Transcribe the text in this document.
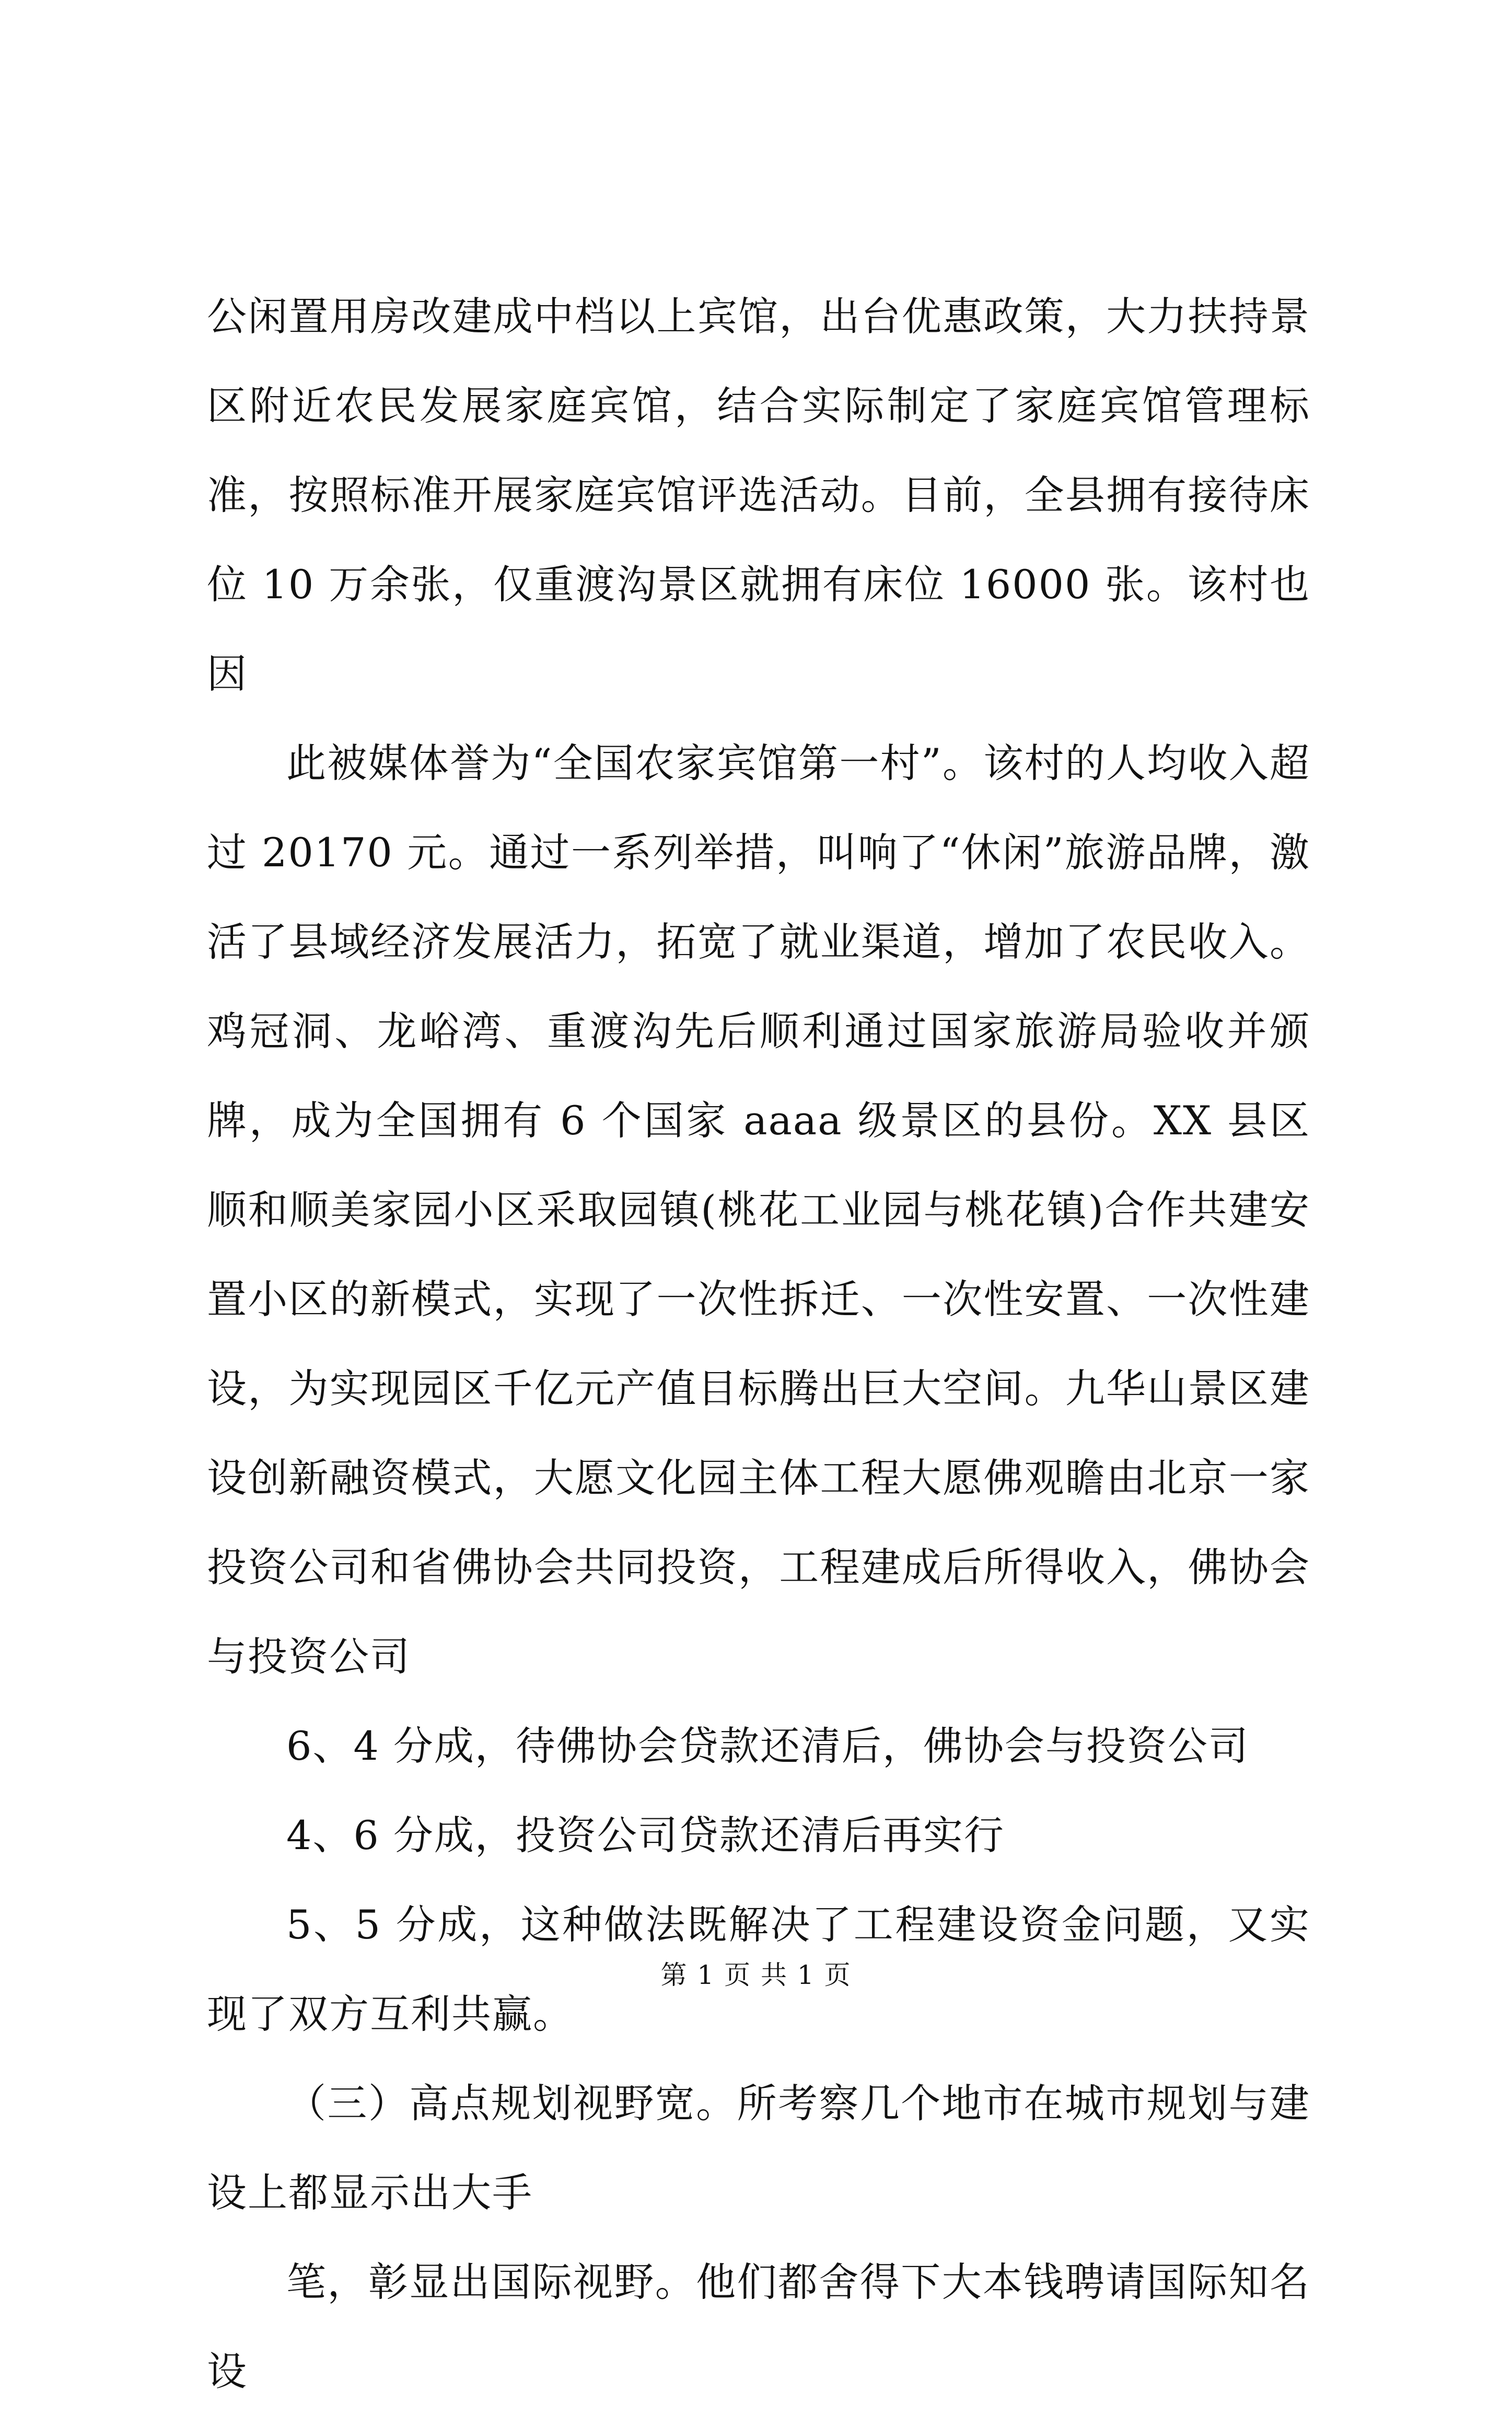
公闲置用房改建成中档以上宾馆，出台优惠政策，大力扶持景区附近农民发展家庭宾馆，结合实际制定了家庭宾馆管理标准，按照标准开展家庭宾馆评选活动。目前，全县拥有接待床位 10 万余张，仅重渡沟景区就拥有床位 16000 张。该村也因

此被媒体誉为“全国农家宾馆第一村”。该村的人均收入超过 20170 元。通过一系列举措，叫响了“休闲”旅游品牌，激活了县域经济发展活力，拓宽了就业渠道，增加了农民收入。鸡冠洞、龙峪湾、重渡沟先后顺利通过国家旅游局验收并颁牌，成为全国拥有 6 个国家 aaaa 级景区的县份。XX 县区顺和顺美家园小区采取园镇(桃花工业园与桃花镇)合作共建安置小区的新模式，实现了一次性拆迁、一次性安置、一次性建设，为实现园区千亿元产值目标腾出巨大空间。九华山景区建设创新融资模式，大愿文化园主体工程大愿佛观瞻由北京一家投资公司和省佛协会共同投资，工程建成后所得收入，佛协会与投资公司

6、4 分成，待佛协会贷款还清后，佛协会与投资公司

4、6 分成，投资公司贷款还清后再实行

5、5 分成，这种做法既解决了工程建设资金问题，又实现了双方互利共赢。

（三）高点规划视野宽。所考察几个地市在城市规划与建设上都显示出大手

笔，彰显出国际视野。他们都舍得下大本钱聘请国际知名设

第 1 页 共 1 页
